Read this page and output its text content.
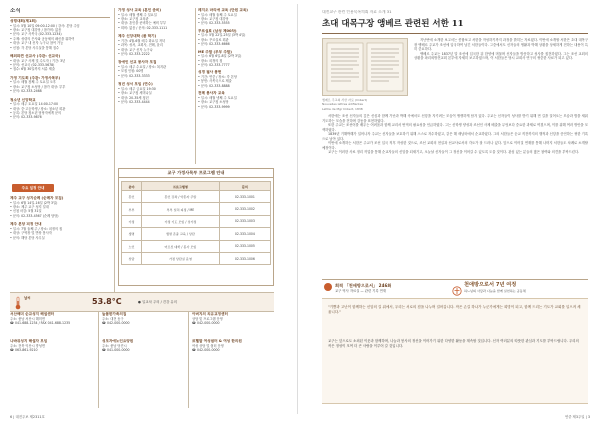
소식
성령대회(제1회)
• 일시: 5월 10일 09:00-12:00 / 강사: 본당 주임
• 장소: 교구청 대강당 / 참가비: 없음
• 문의: 교구 사목국 (02-333-1234)
• 주제: 성령의 은사와 공동체의 쇄신을 위하여
• 대상: 교구 내 신자 누구나 참여 가능
• 신청: 각 본당 사무실을 통해 접수
해외파견 선교사 (주관: 선교국)
• 대상: 교구 사제 및 수도자 / 기간: 3년
• 문의: 선교국 (02-333-5678)
• 접수: 6월 30일까지 서류 제출
가정 기도회 (주관: 가정사목부)
• 일시: 매월 첫째 주 토요일 오후
• 장소: 교구청 소성당 / 참가 대상: 부부
• 문의: 02-333-2468
청소년 신앙학교
• 일시: 매주 토요일 14:00-17:00
• 대상: 중·고등학생 / 장소: 청소년 회관
• 등록: 본당 청소년 담당자에게 문의
• 문의: 02-333-9876
주요 일정 안내
제주 교구 성지순례 (순례자 모집)
• 일시: 6월 14일-16일 (2박 3일)
• 장소: 제주 교구 성지 일대
• 신청 마감: 5월 31일
• 문의: 02-333-4567 (순례 담당)
제주 본당 피정 안내
• 일시: 7월 둘째 주 / 장소: 피정의 집
• 대상: 구역장 및 반장 봉사자
• 문의: 해당 본당 사무실
가정 성사 교육 (혼인 준비)
• 일시: 매월 셋째 주 일요일
• 장소: 교구청 교육관
• 대상: 혼인을 준비하는 예비 부부
• 회비: 없음 / 문의: 02-333-1111
제주 신앙대학 (봄 학기)
• 기간: 4월-6월 매주 화요일 저녁
• 과목: 성서, 교회사, 전례, 윤리
• 대상: 교구 신자 누구나
• 문의: 02-333-2222
장애인 선교 봉사자 모집
• 일시: 매주 수요일 / 장소: 복지관
• 모집 인원: 00명
• 문의: 02-333-3333
청년 성서 모임 (연수)
• 일시: 매주 금요일 19:30
• 장소: 교구청 세미나실
• 대상: 20-35세 청년
• 문의: 02-333-4444
레지오 마리애 교육 (단원 교육)
• 일시: 매월 둘째 주 토요일
• 장소: 교구청 대강당
• 문의: 02-333-5555
꾸르실료 (남성 제00차)
• 일시: 5월 22일-25일 (3박 4일)
• 장소: 꾸르실료 회관
• 문의: 02-333-6666
ME 주말 (부부 주말)
• 일시: 6월 6일-8일 (2박 3일)
• 장소: 피정의 집
• 문의: 02-333-7777
성경 필사 봉헌
• 기간: 연중 / 장소: 각 본당
• 봉헌: 사목국으로 제출
• 문의: 02-333-8888
전례 봉사자 교육
• 일시: 매월 넷째 주 토요일
• 장소: 교구청 소성당
• 문의: 02-333-9999
교구 가정사목부 프로그램 안내
분야	프로그램명	문의
혼인	혼인 강좌 / 약혼자 주말	02-333-1001
부부	부부 일치 피정 / ME	02-333-1002
가정	가정 기도 모임 / 성가정	02-333-1003
생명	생명 존중 교육 / 상담	02-333-1004
노인	어르신 대학 / 봉사 모임	02-333-1005
상담	가정 상담실 운영	02-333-1006
날씨	53.8°C	● 일교차 주의 / 건강 유의
서산해미 순교성지 해설센터
주소: 충남 서산시 해미면
☎ 041-688-1234 / FAX 041-688-1235
나바위성지 해설자 모임
주소: 전북 익산시 망성면
☎ 063-861-9210
늘봄한가족의집
주소: 대전 동구
☎ 042-000-0000
성모자애노인요양원
주소: 충남 당진시
☎ 041-000-0000
아버지의 치유교정센터
상담 및 프로그램 운영
☎ 042-000-0000
르헬딸 여성쉼터 & 여성 한의원
여성 상담 및 쉼터 운영
☎ 042-000-0000
대전교구 관련 인용목록의뢰 자료 소개 31
초대 대목구장 앵베르 관련된 서한 11
앵베르 주교의 서한 자료 (Imbert)
Nouvelles lettres édifiantes
Lettre de Mgr Imbert, 1838

지난번에 소개한 보고서는 종합보고 서한을 작성하기까지 과정을 밝히는 자료였다. 이번에 소개할 서한은 초대 대목구장 앵베르 주교가 조선에 입국하여 남긴 서한들이다. 그중에서도 신자들의 생활과 박해 상황을 상세하게 전하는 내용이 특히 중요하다.

앵베르 주교는 1837년 말 조선에 입국한 뒤 한양에 머물며 신자들을 방문하고 성사를 집전하였다. 그는 조선 교회의 상황을 파리외방전교회 본부에 자세히 보고하였으며, 이 서한들은 당시 교회사 연구의 귀중한 사료가 되고 있다.

서한에는 조선 신자들의 깊은 신심과 함께 가난과 박해 속에서도 신앙을 지키려는 모습이 생생하게 담겨 있다. 주교는 신자들이 성사를 받기 위해 먼 길을 걸어오는 모습과 밤을 새워 기도하는 모습을 전하며 감동을 표현하였다.

또한 주교는 조선어를 배우는 어려움과 함께 교리서 번역의 필요성을 언급하였다. 그는 신학생 양성과 조선인 사제 배출을 무엇보다 중요한 과제로 여겼으며, 이를 위해 여러 방안을 모색하였다.

1839년 기해박해가 일어나자 주교는 신자들을 보호하기 위해 스스로 자수하였고, 같은 해 새남터에서 순교하였다. 그의 서한들은 순교 직전까지의 행적과 신앙을 증언하는 귀한 기록으로 남아 있다.

이번에 소개하는 서한은 주교가 조선 입국 직후 작성한 것으로, 조선 교회의 현실과 선교사로서의 각오가 잘 드러나 있다. 앞으로 이어질 연재를 통해 나머지 서한들도 차례로 소개할 예정이다.

교구는 이러한 사료 정리 작업을 통해 순교자들의 신앙을 되새기고, 오늘날 신자들이 그 정신을 이어갈 수 있도록 도울 것이다. 관심 있는 분들의 많은 참여와 의견을 부탁드린다.

희적 「천애방으로서」 246화
교구 역사 자료실 — 관련 기록 연재
천애방으로서 7년 여정
하느님의 사랑과 나눔을 함께 실천하는 공동체
"기쁨과 고난이 함께하는 신앙의 길 위에서, 우리는 서로의 짐을 나누며 걸어갑니다. 작은 손길 하나가 누군가에게는 희망이 되고, 함께 드리는 기도가 교회를 일으켜 세웁니다."
교구는 앞으로도 소외된 이웃과 함께하며, 나눔과 봉사의 정신을 이어가기 위한 다양한 활동을 계속할 것입니다. 신자 여러분의 따뜻한 관심과 기도를 부탁드립니다. 우리의 작은 정성이 모여 더 큰 사랑을 이루어 갈 것입니다.
6 | 대전주보 제2311호	연중 제3주일 | 3
